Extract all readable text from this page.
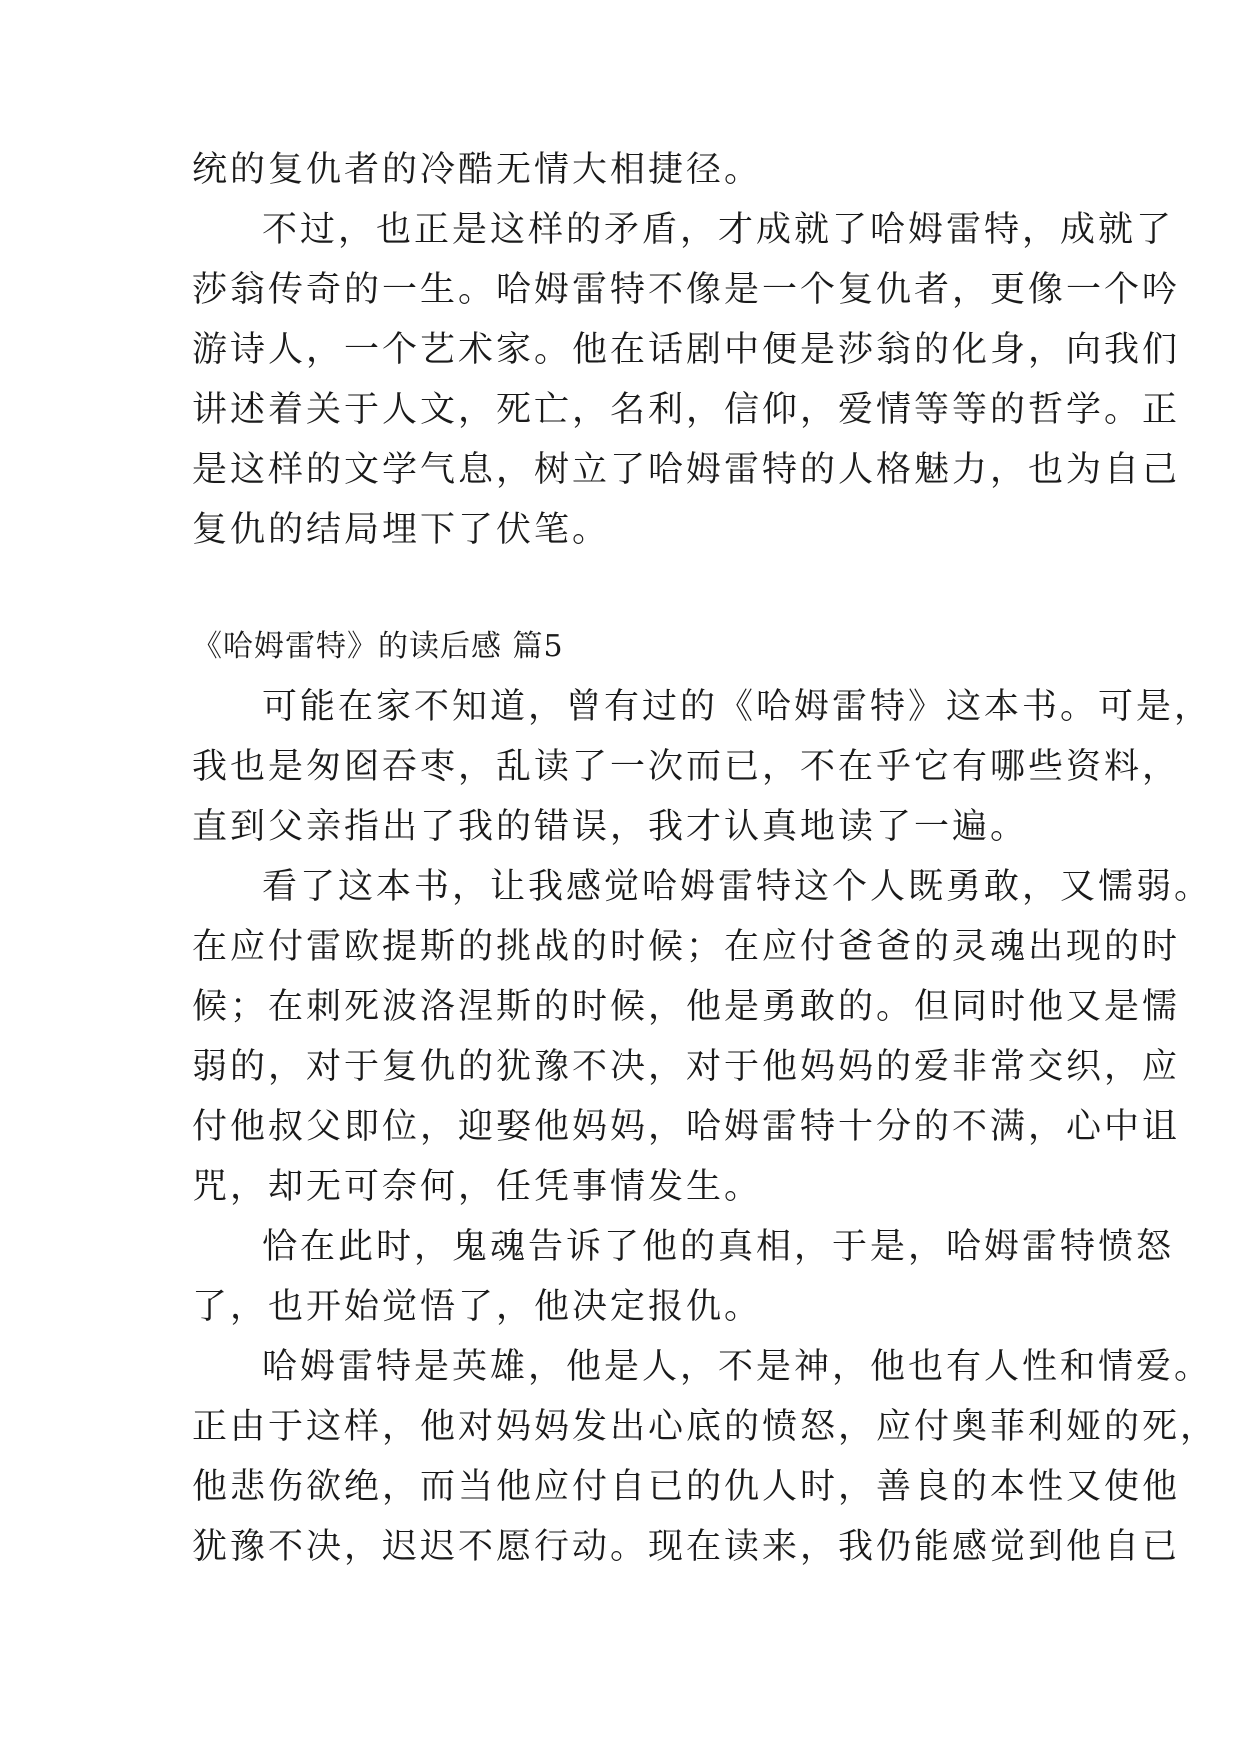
统的复仇者的冷酷无情大相捷径。
不过，也正是这样的矛盾，才成就了哈姆雷特，成就了
莎翁传奇的一生。哈姆雷特不像是一个复仇者，更像一个吟
游诗人，一个艺术家。他在话剧中便是莎翁的化身，向我们
讲述着关于人文，死亡，名利，信仰，爱情等等的哲学。正
是这样的文学气息，树立了哈姆雷特的人格魅力，也为自己
复仇的结局埋下了伏笔。
《哈姆雷特》的读后感 篇5
可能在家不知道，曾有过的《哈姆雷特》这本书。可是，
我也是匆囵吞枣，乱读了一次而已，不在乎它有哪些资料，
直到父亲指出了我的错误，我才认真地读了一遍。
看了这本书，让我感觉哈姆雷特这个人既勇敢，又懦弱。
在应付雷欧提斯的挑战的时候；在应付爸爸的灵魂出现的时
候；在刺死波洛涅斯的时候，他是勇敢的。但同时他又是懦
弱的，对于复仇的犹豫不决，对于他妈妈的爱非常交织，应
付他叔父即位，迎娶他妈妈，哈姆雷特十分的不满，心中诅
咒，却无可奈何，任凭事情发生。
恰在此时，鬼魂告诉了他的真相，于是，哈姆雷特愤怒
了，也开始觉悟了，他决定报仇。
哈姆雷特是英雄，他是人，不是神，他也有人性和情爱。
正由于这样，他对妈妈发出心底的愤怒，应付奥菲利娅的死，
他悲伤欲绝，而当他应付自已的仇人时，善良的本性又使他
犹豫不决，迟迟不愿行动。现在读来，我仍能感觉到他自已
